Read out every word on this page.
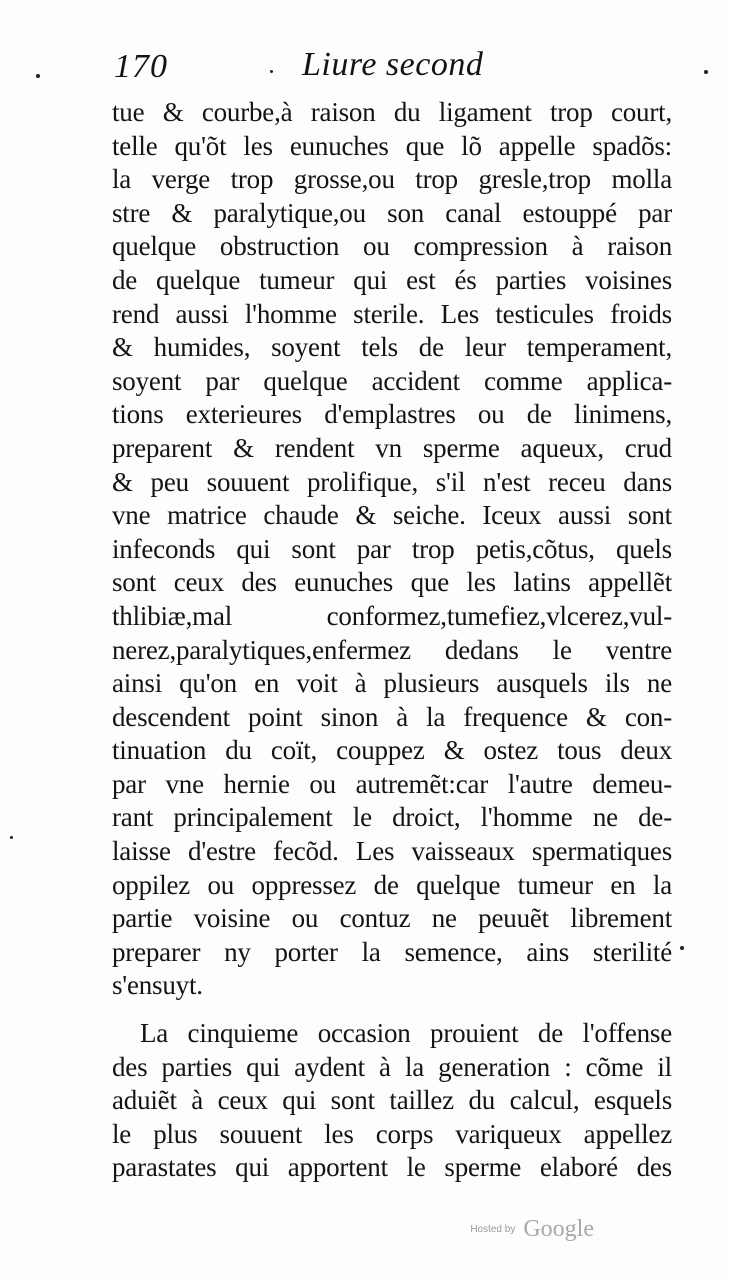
170	Liure second
tue & courbe,à raison du ligament trop court,
telle qu'õt les eunuches que lõ appelle spadõs:
la verge trop grosse,ou trop gresle,trop molla
stre & paralytique,ou son canal estouppé par
quelque obstruction ou compression à raison
de quelque tumeur qui est és parties voisines
rend aussi l'homme sterile. Les testicules froids
& humides, soyent tels de leur temperament,
soyent par quelque accident comme applica-
tions exterieures d'emplastres ou de linimens,
preparent & rendent vn sperme aqueux, crud
& peu souuent prolifique, s'il n'est receu dans
vne matrice chaude & seiche. Iceux aussi sont
infeconds qui sont par trop petis,cõtus, quels
sont ceux des eunuches que les latins appellẽt
thlibiæ,mal conformez,tumefiez,vlcerez,vul-
nerez,paralytiques,enfermez dedans le ventre
ainsi qu'on en voit à plusieurs ausquels ils ne
descendent point sinon à la frequence & con-
tinuation du coït, couppez & ostez tous deux
par vne hernie ou autremẽt:car l'autre demeu-
rant principalement le droict, l'homme ne de-
laisse d'estre fecõd. Les vaisseaux spermatiques
oppilez ou oppressez de quelque tumeur en la
partie voisine ou contuz ne peuuẽt librement
preparer ny porter la semence, ains sterilité
s'ensuyt.
La cinquieme occasion prouient de l'offense
des parties qui aydent à la generation : cõme il
aduiẽt à ceux qui sont taillez du calcul, esquels
le plus souuent les corps variqueux appellez
parastates qui apportent le sperme elaboré des
Hosted by Google
